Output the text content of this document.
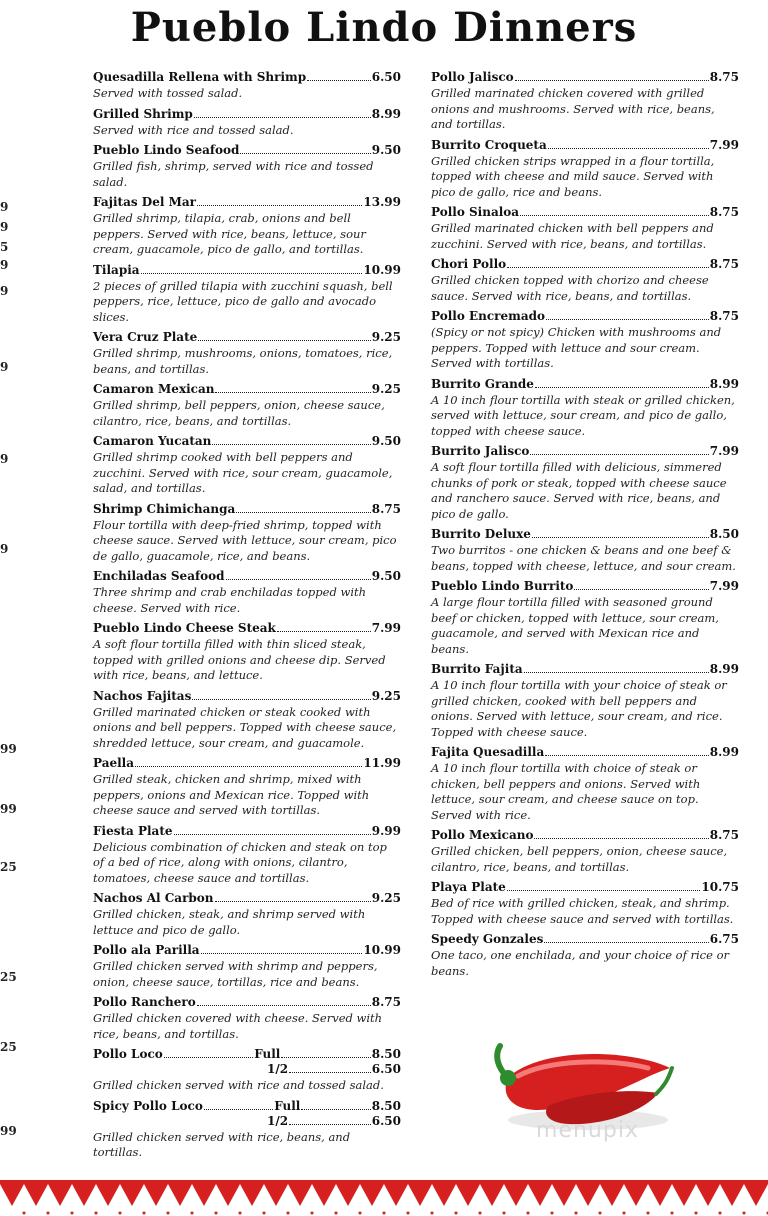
Pueblo Lindo Dinners
9
9
5
9
9
9
9
9
99
99
25
25
25
99
Quesadilla Rellena with Shrimp	6.50
Served with tossed salad.
Grilled Shrimp	8.99
Served with rice and tossed salad.
Pueblo Lindo Seafood	9.50
Grilled fish, shrimp, served with rice and tossed salad.
Fajitas Del Mar	13.99
Grilled shrimp, tilapia, crab, onions and bell peppers. Served with rice, beans, lettuce, sour cream, guacamole, pico de gallo, and tortillas.
Tilapia	10.99
2 pieces of grilled tilapia with zucchini squash, bell peppers, rice, lettuce, pico de gallo and avocado slices.
Vera Cruz Plate	9.25
Grilled shrimp, mushrooms, onions, tomatoes, rice, beans, and tortillas.
Camaron Mexican	9.25
Grilled shrimp, bell peppers, onion, cheese sauce, cilantro, rice, beans, and tortillas.
Camaron Yucatan	9.50
Grilled shrimp cooked with bell peppers and zucchini. Served with rice, sour cream, guacamole, salad, and tortillas.
Shrimp Chimichanga	8.75
Flour tortilla with deep-fried shrimp, topped with cheese sauce. Served with lettuce, sour cream, pico de gallo, guacamole, rice, and beans.
Enchiladas Seafood	9.50
Three shrimp and crab enchiladas topped with cheese. Served with rice.
Pueblo Lindo Cheese Steak	7.99
A soft flour tortilla filled with thin sliced steak, topped with grilled onions and cheese dip. Served with rice, beans, and lettuce.
Nachos Fajitas	9.25
Grilled marinated chicken or steak cooked with onions and bell peppers. Topped with cheese sauce, shredded lettuce, sour cream, and guacamole.
Paella	11.99
Grilled steak, chicken and shrimp, mixed with peppers, onions and Mexican rice. Topped with cheese sauce and served with tortillas.
Fiesta Plate	9.99
Delicious combination of chicken and steak on top of a bed of rice, along with onions, cilantro, tomatoes, cheese sauce and tortillas.
Nachos Al Carbon	9.25
Grilled chicken, steak, and shrimp served with lettuce and pico de gallo.
Pollo ala Parilla	10.99
Grilled chicken served with shrimp and peppers, onion, cheese sauce, tortillas, rice and beans.
Pollo Ranchero	8.75
Grilled chicken covered with cheese. Served with rice, beans, and tortillas.
Pollo Loco	Full	8.50
1/2	6.50
Grilled chicken served with rice and tossed salad.
Spicy Pollo Loco	Full	8.50
1/2	6.50
Grilled chicken served with rice, beans, and tortillas.
Pollo Jalisco	8.75
Grilled marinated chicken covered with grilled onions and mushrooms. Served with rice, beans, and tortillas.
Burrito Croqueta	7.99
Grilled chicken strips wrapped in a flour tortilla, topped with cheese and mild sauce. Served with pico de gallo, rice and beans.
Pollo Sinaloa	8.75
Grilled marinated chicken with bell peppers and zucchini. Served with rice, beans, and tortillas.
Chori Pollo	8.75
Grilled chicken topped with chorizo and cheese sauce. Served with rice, beans, and tortillas.
Pollo Encremado	8.75
(Spicy or not spicy) Chicken with mushrooms and peppers. Topped with lettuce and sour cream. Served with tortillas.
Burrito Grande	8.99
A 10 inch flour tortilla with steak or grilled chicken, served with lettuce, sour cream, and pico de gallo, topped with cheese sauce.
Burrito Jalisco	7.99
A soft flour tortilla filled with delicious, simmered chunks of pork or steak, topped with cheese sauce and ranchero sauce. Served with rice, beans, and pico de gallo.
Burrito Deluxe	8.50
Two burritos - one chicken & beans and one beef & beans, topped with cheese, lettuce, and sour cream.
Pueblo Lindo Burrito	7.99
A large flour tortilla filled with seasoned ground beef or chicken, topped with lettuce, sour cream, guacamole, and served with Mexican rice and beans.
Burrito Fajita	8.99
A 10 inch flour tortilla with your choice of steak or grilled chicken, cooked with bell peppers and onions. Served with lettuce, sour cream, and rice. Topped with cheese sauce.
Fajita Quesadilla	8.99
A 10 inch flour tortilla with choice of steak or chicken, bell peppers and onions. Served with lettuce, sour cream, and cheese sauce on top. Served with rice.
Pollo Mexicano	8.75
Grilled chicken, bell peppers, onion, cheese sauce, cilantro, rice, beans, and tortillas.
Playa Plate	10.75
Bed of rice with grilled chicken, steak, and shrimp. Topped with cheese sauce and served with tortillas.
Speedy Gonzales	6.75
One taco, one enchilada, and your choice of rice or beans.
menupix
